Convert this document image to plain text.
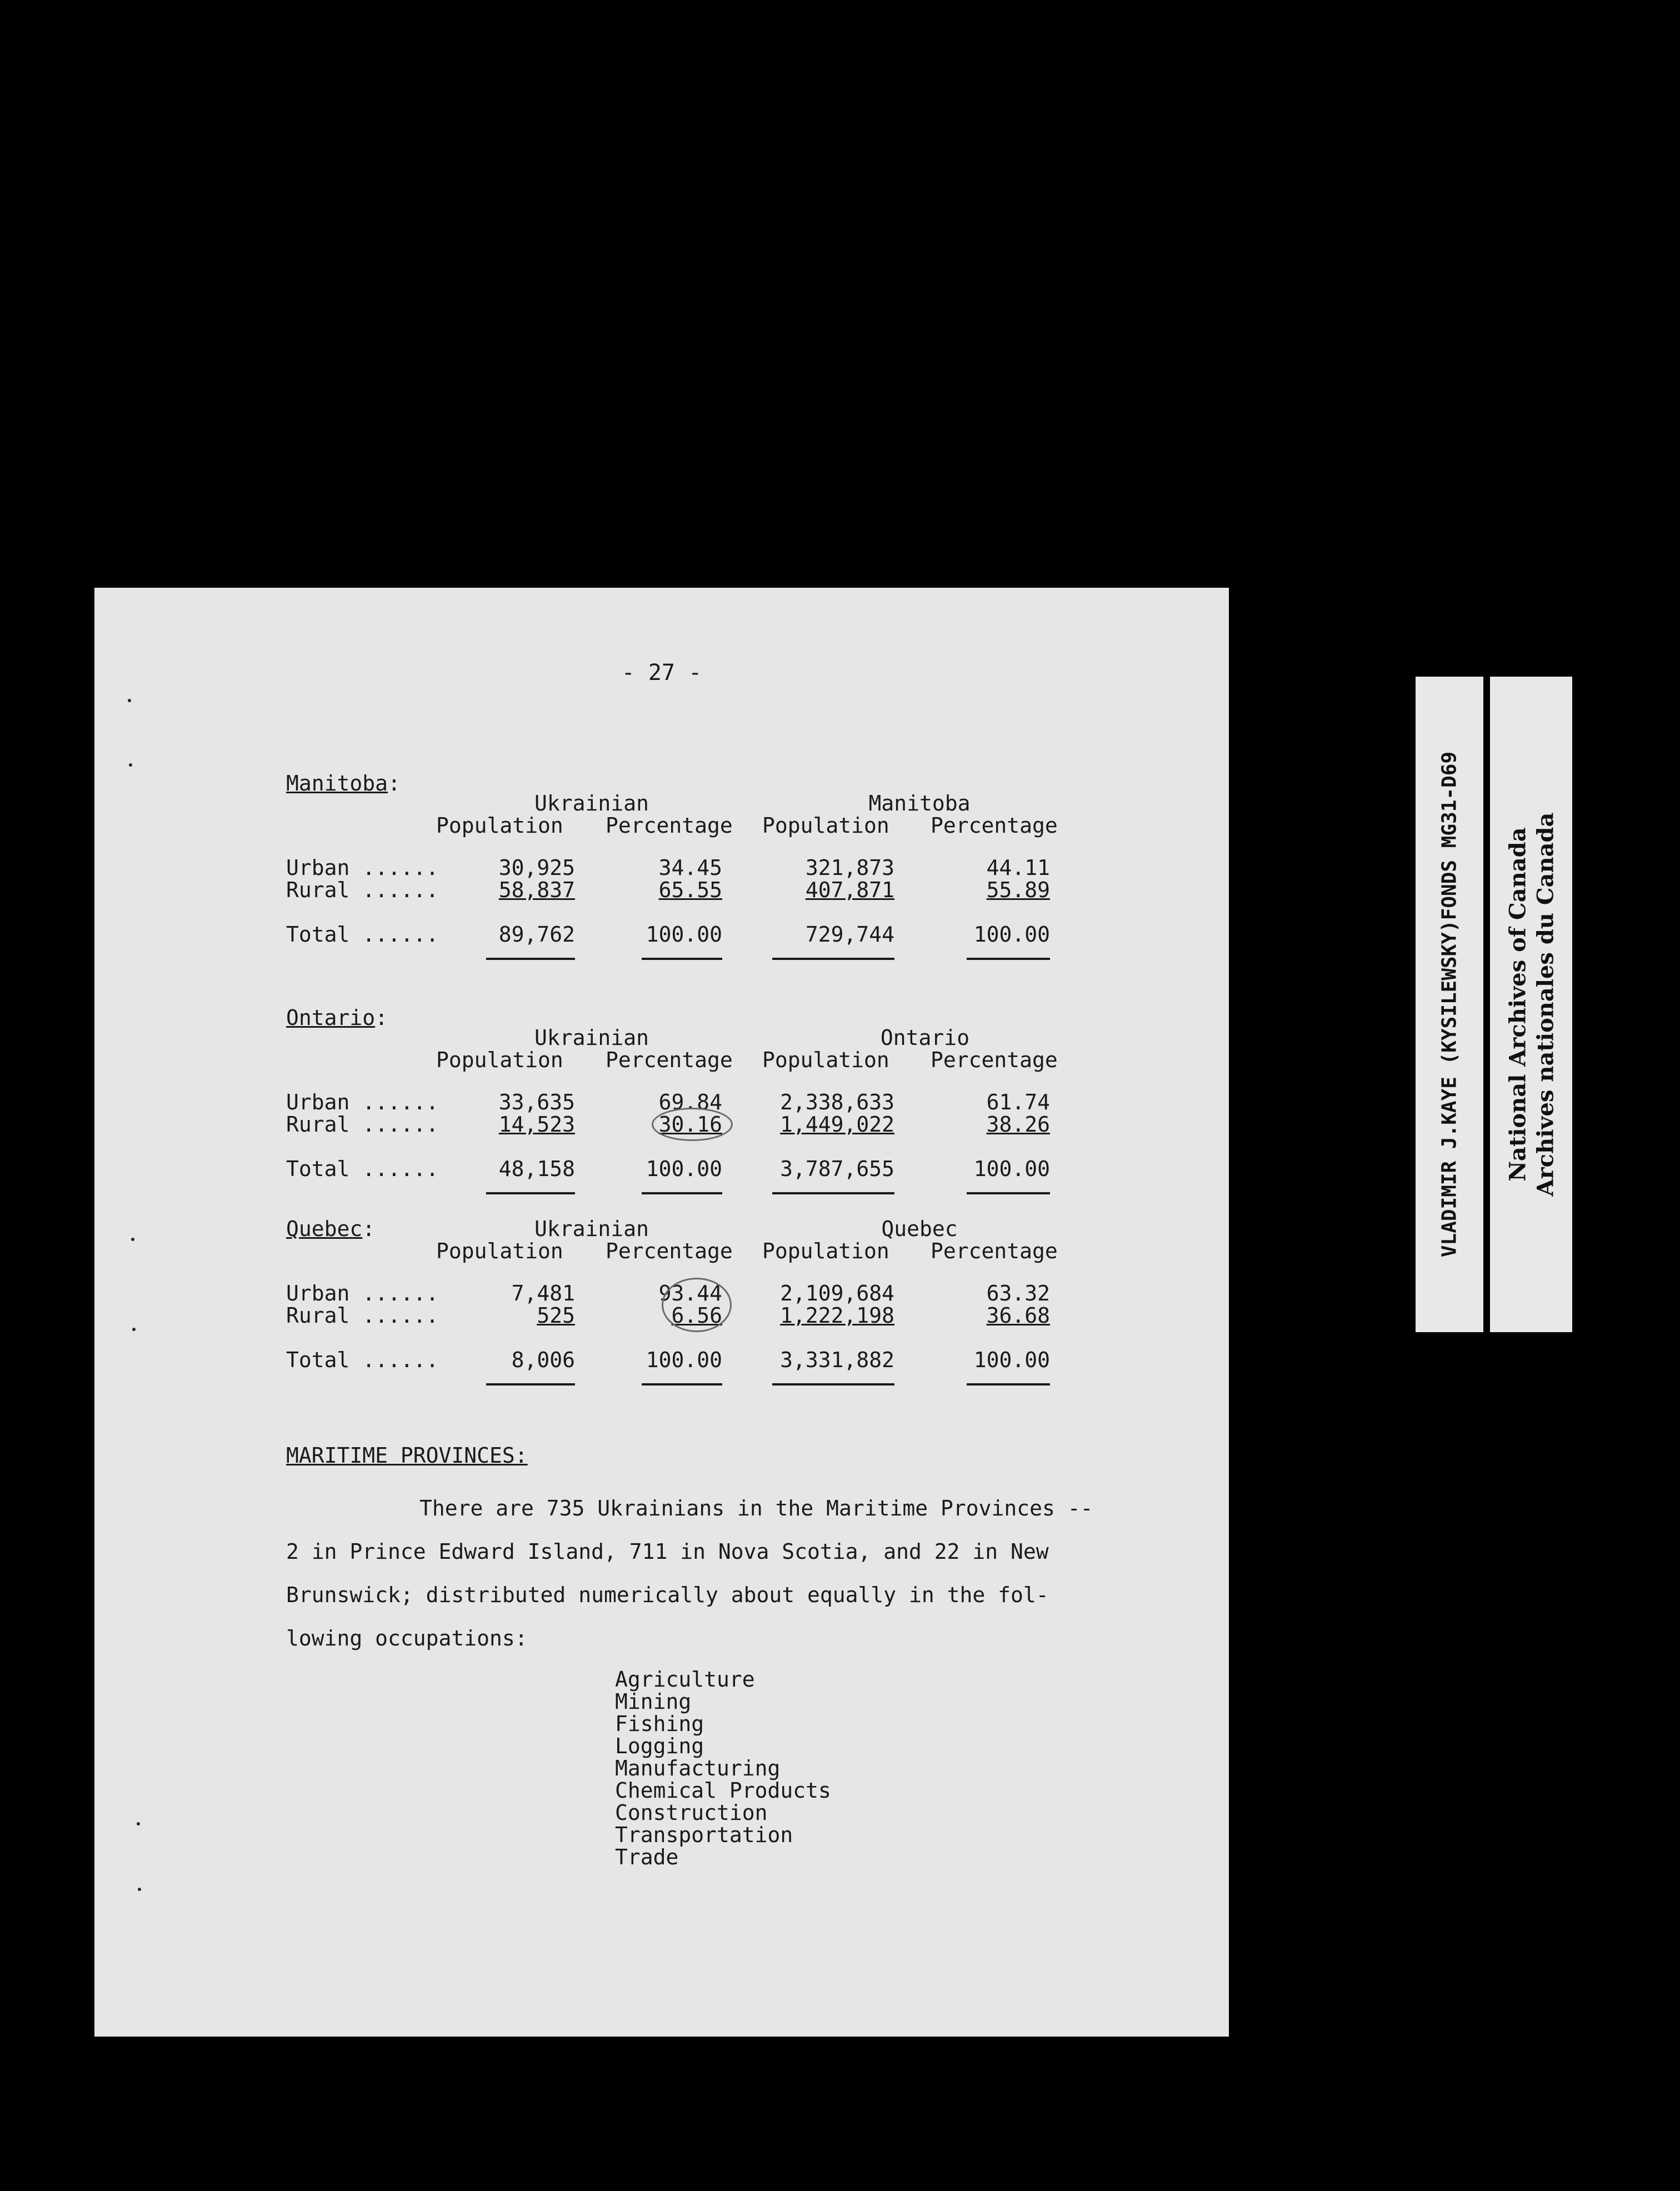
- 27 -
Manitoba:
Ukrainian	Manitoba
Population Percentage Population Percentage
Urban ......	30,925	34.45	321,873	44.11
Rural ......	58,837	65.55	407,871	55.89
Total ......	89,762	100.00	729,744	100.00
Ontario:
Ukrainian	Ontario
Population Percentage Population Percentage
Urban ......	33,635	69.84	2,338,633	61.74
Rural ......	14,523	30.16	1,449,022	38.26
Total ......	48,158	100.00	3,787,655	100.00
Quebec:	Ukrainian	Quebec
Population Percentage Population Percentage
Urban ......	7,481	93.44	2,109,684	63.32
Rural ......	525	6.56	1,222,198	36.68
Total ......	8,006	100.00	3,331,882	100.00
MARITIME PROVINCES:
There are 735 Ukrainians in the Maritime Provinces --
2 in Prince Edward Island, 711 in Nova Scotia, and 22 in New
Brunswick; distributed numerically about equally in the fol-
lowing occupations:
Agriculture
Mining
Fishing
Logging
Manufacturing
Chemical Products
Construction
Transportation
Trade
VLADIMIR J.KAYE (KYSILEWSKY)FONDS MG31-D69 National Archives of Canada Archives nationales du Canada
